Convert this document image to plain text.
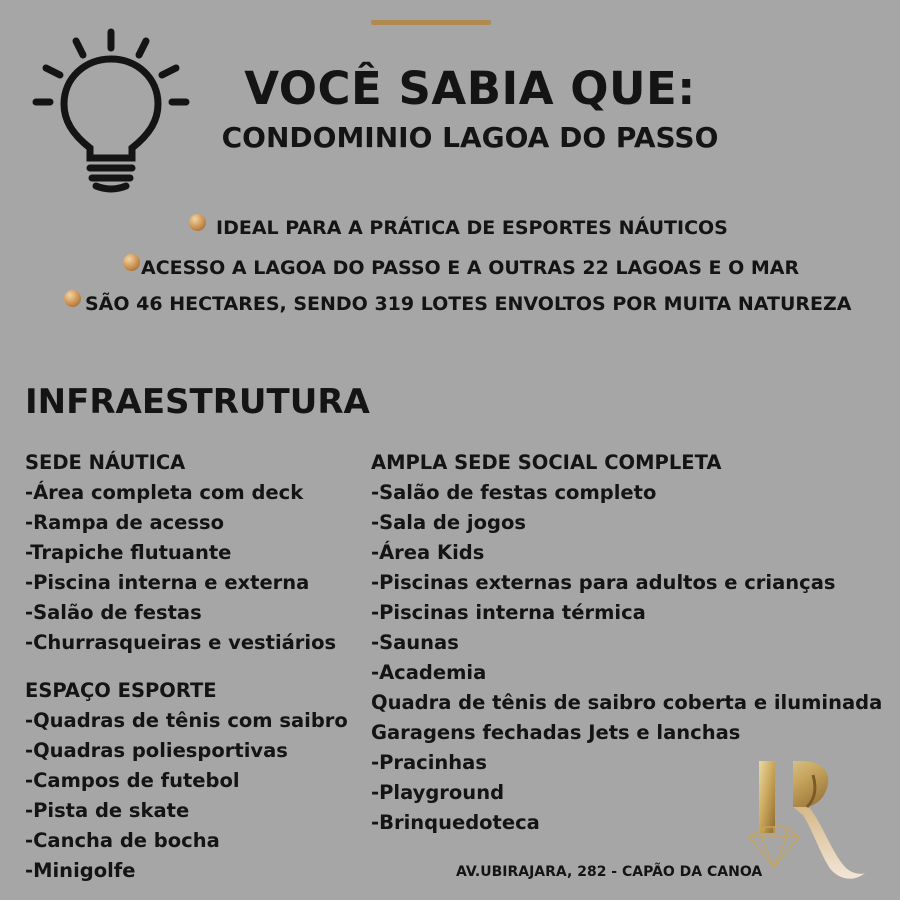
VOCÊ SABIA QUE:
CONDOMINIO LAGOA DO PASSO
IDEAL PARA A PRÁTICA DE ESPORTES NÁUTICOS
ACESSO A LAGOA DO PASSO E A OUTRAS 22 LAGOAS E O MAR
SÃO 46 HECTARES, SENDO 319 LOTES ENVOLTOS POR MUITA NATUREZA
INFRAESTRUTURA
SEDE NÁUTICA
-Área completa com deck
-Rampa de acesso
-Trapiche flutuante
-Piscina interna e externa
-Salão de festas
-Churrasqueiras e vestiários
ESPAÇO ESPORTE
-Quadras de tênis com saibro
-Quadras poliesportivas
-Campos de futebol
-Pista de skate
-Cancha de bocha
-Minigolfe
AMPLA SEDE SOCIAL COMPLETA
-Salão de festas completo
-Sala de jogos
-Área Kids
-Piscinas externas para adultos e crianças
-Piscinas interna térmica
-Saunas
-Academia
Quadra de tênis de saibro coberta e iluminada
Garagens fechadas Jets e lanchas
-Pracinhas
-Playground
-Brinquedoteca
AV.UBIRAJARA, 282 - CAPÃO DA CANOA
